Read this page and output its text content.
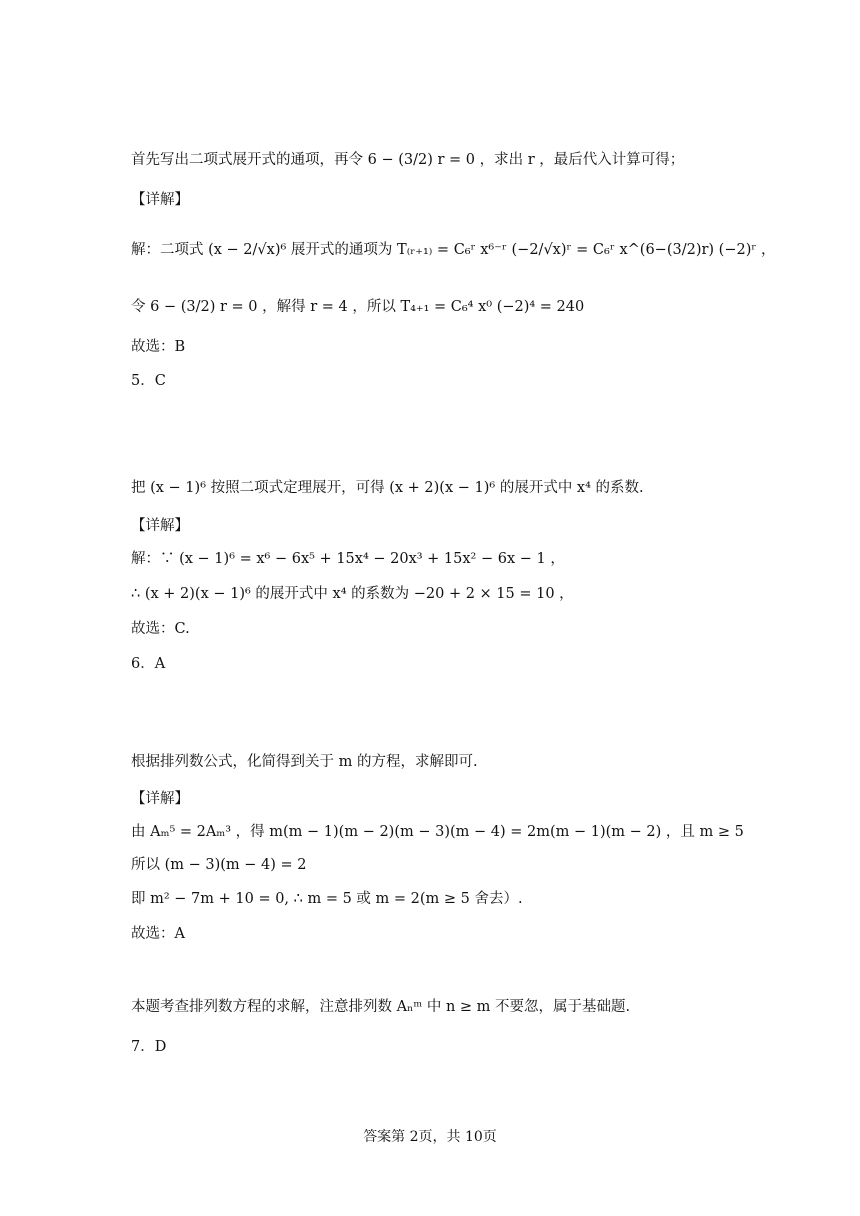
首先写出二项式展开式的通项，再令 6 − (3/2) r = 0 ，求出 r ，最后代入计算可得；
【详解】
解：二项式 (x − 2/√x)⁶ 展开式的通项为 T₍ᵣ₊₁₎ = C₆ʳ x⁶⁻ʳ (−2/√x)ʳ = C₆ʳ x^(6−(3/2)r) (−2)ʳ ，
令 6 − (3/2) r = 0 ，解得 r = 4 ，所以 T₄₊₁ = C₆⁴ x⁰ (−2)⁴ = 240
故选：B
5．C
把 (x − 1)⁶ 按照二项式定理展开，可得 (x + 2)(x − 1)⁶ 的展开式中 x⁴ 的系数.
【详解】
解：∵ (x − 1)⁶ = x⁶ − 6x⁵ + 15x⁴ − 20x³ + 15x² − 6x − 1 ，
∴ (x + 2)(x − 1)⁶ 的展开式中 x⁴ 的系数为 −20 + 2 × 15 = 10 ，
故选：C.
6．A
根据排列数公式，化简得到关于 m 的方程，求解即可.
【详解】
由 Aₘ⁵ = 2Aₘ³ ，得 m(m − 1)(m − 2)(m − 3)(m − 4) = 2m(m − 1)(m − 2) ，且 m ≥ 5
所以 (m − 3)(m − 4) = 2
即 m² − 7m + 10 = 0, ∴ m = 5 或 m = 2(m ≥ 5 舍去）.
故选：A
本题考查排列数方程的求解，注意排列数 Aₙᵐ 中 n ≥ m 不要忽，属于基础题.
7．D
答案第 2页，共 10页
